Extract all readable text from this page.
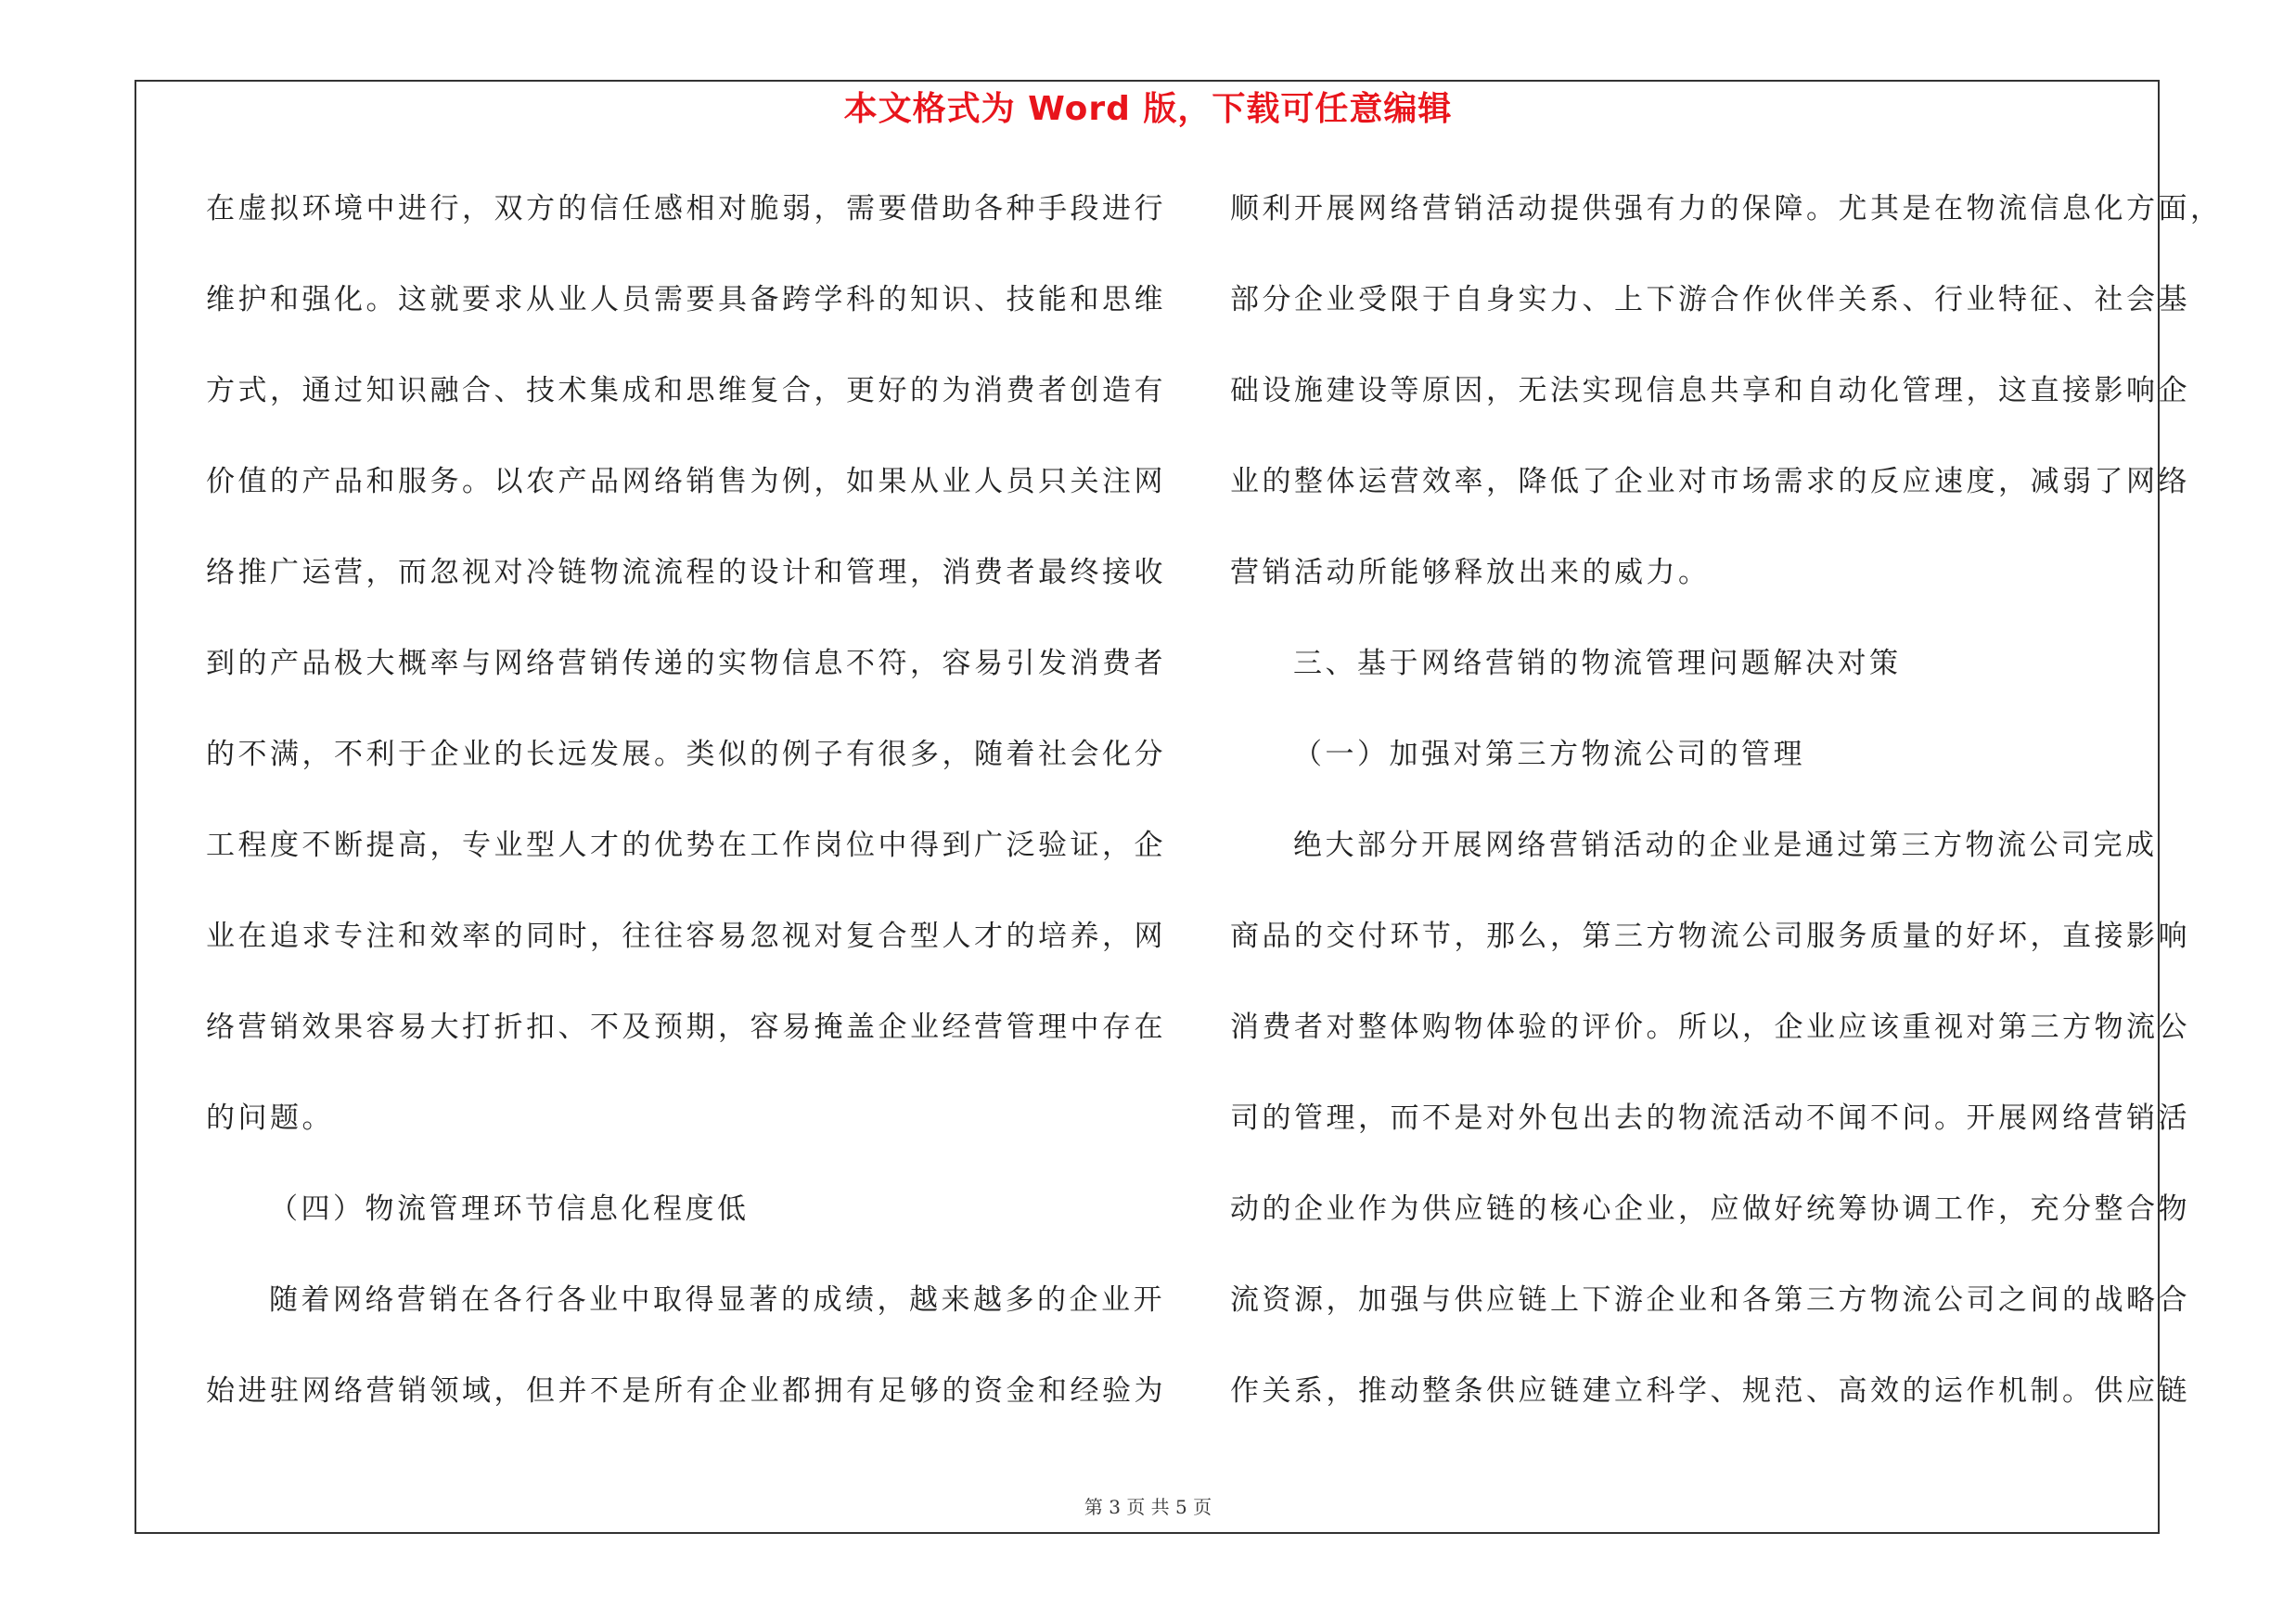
本文格式为 Word 版，下载可任意编辑
在虚拟环境中进行，双方的信任感相对脆弱，需要借助各种手段进行
维护和强化。这就要求从业人员需要具备跨学科的知识、技能和思维
方式，通过知识融合、技术集成和思维复合，更好的为消费者创造有
价值的产品和服务。以农产品网络销售为例，如果从业人员只关注网
络推广运营，而忽视对冷链物流流程的设计和管理，消费者最终接收
到的产品极大概率与网络营销传递的实物信息不符，容易引发消费者
的不满，不利于企业的长远发展。类似的例子有很多，随着社会化分
工程度不断提高，专业型人才的优势在工作岗位中得到广泛验证，企
业在追求专注和效率的同时，往往容易忽视对复合型人才的培养，网
络营销效果容易大打折扣、不及预期，容易掩盖企业经营管理中存在
的问题。
（四）物流管理环节信息化程度低
随着网络营销在各行各业中取得显著的成绩，越来越多的企业开
始进驻网络营销领域，但并不是所有企业都拥有足够的资金和经验为
顺利开展网络营销活动提供强有力的保障。尤其是在物流信息化方面，
部分企业受限于自身实力、上下游合作伙伴关系、行业特征、社会基
础设施建设等原因，无法实现信息共享和自动化管理，这直接影响企
业的整体运营效率，降低了企业对市场需求的反应速度，减弱了网络
营销活动所能够释放出来的威力。
三、基于网络营销的物流管理问题解决对策
（一）加强对第三方物流公司的管理
绝大部分开展网络营销活动的企业是通过第三方物流公司完成
商品的交付环节，那么，第三方物流公司服务质量的好坏，直接影响
消费者对整体购物体验的评价。所以，企业应该重视对第三方物流公
司的管理，而不是对外包出去的物流活动不闻不问。开展网络营销活
动的企业作为供应链的核心企业，应做好统筹协调工作，充分整合物
流资源，加强与供应链上下游企业和各第三方物流公司之间的战略合
作关系，推动整条供应链建立科学、规范、高效的运作机制。供应链
第 3 页 共 5 页
